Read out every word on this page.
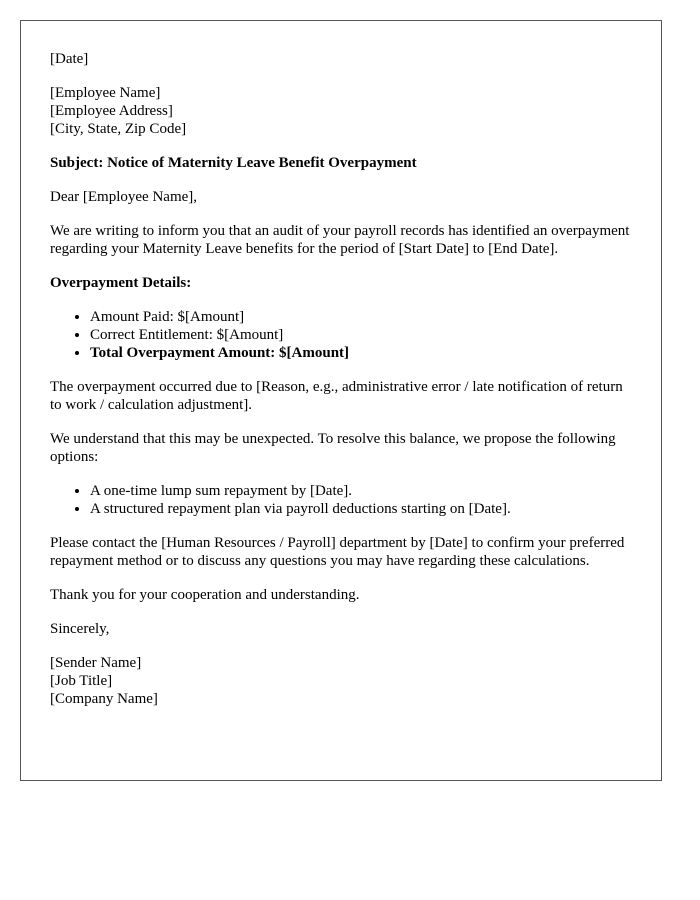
[Date]
[Employee Name]
[Employee Address]
[City, State, Zip Code]

Subject: Notice of Maternity Leave Benefit Overpayment

Dear [Employee Name],

We are writing to inform you that an audit of your payroll records has identified an overpayment regarding your Maternity Leave benefits for the period of [Start Date] to [End Date].

Overpayment Details:

• Amount Paid: $[Amount]
• Correct Entitlement: $[Amount]
• Total Overpayment Amount: $[Amount]

The overpayment occurred due to [Reason, e.g., administrative error / late notification of return to work / calculation adjustment].

We understand that this may be unexpected. To resolve this balance, we propose the following options:

• A one-time lump sum repayment by [Date].
• A structured repayment plan via payroll deductions starting on [Date].

Please contact the [Human Resources / Payroll] department by [Date] to confirm your preferred repayment method or to discuss any questions you may have regarding these calculations.

Thank you for your cooperation and understanding.

Sincerely,

[Sender Name]
[Job Title]
[Company Name]
